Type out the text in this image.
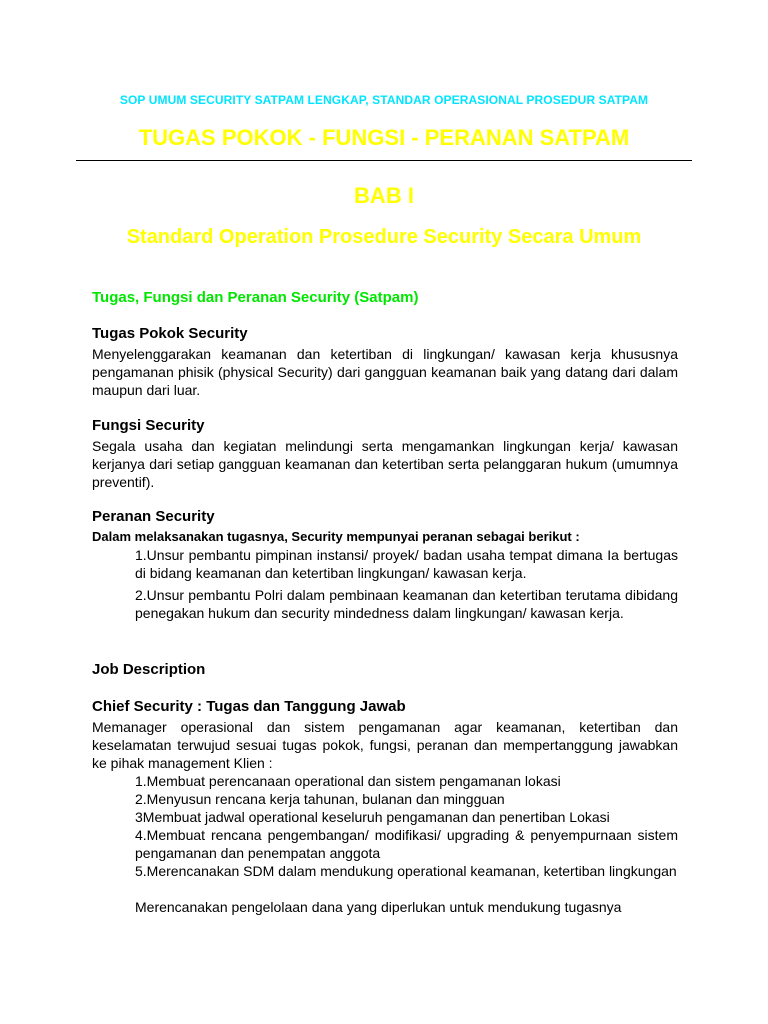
SOP UMUM SECURITY SATPAM LENGKAP, STANDAR OPERASIONAL PROSEDUR SATPAM
TUGAS POKOK - FUNGSI - PERANAN SATPAM
BAB I
Standard Operation Prosedure Security Secara Umum
Tugas, Fungsi dan Peranan Security (Satpam)
Tugas Pokok Security
Menyelenggarakan keamanan dan ketertiban di lingkungan/ kawasan kerja khususnya pengamanan phisik (physical Security) dari gangguan keamanan baik yang datang dari dalam maupun dari luar.
Fungsi Security
Segala usaha dan kegiatan melindungi serta mengamankan lingkungan kerja/ kawasan kerjanya dari setiap gangguan keamanan dan ketertiban serta pelanggaran hukum (umumnya preventif).
Peranan Security
Dalam melaksanakan tugasnya, Security mempunyai peranan sebagai berikut :
1.Unsur pembantu pimpinan instansi/ proyek/ badan usaha tempat dimana Ia bertugas di bidang keamanan dan ketertiban lingkungan/ kawasan kerja.
2.Unsur pembantu Polri dalam pembinaan keamanan dan ketertiban terutama dibidang penegakan hukum dan security mindedness dalam lingkungan/ kawasan kerja.
Job Description
Chief Security : Tugas dan Tanggung Jawab
Memanager operasional dan sistem pengamanan agar keamanan, ketertiban dan keselamatan terwujud sesuai tugas pokok, fungsi, peranan dan mempertanggung jawabkan ke pihak management Klien :
1.Membuat perencanaan operational dan sistem pengamanan lokasi
2.Menyusun rencana kerja tahunan, bulanan dan mingguan
3Membuat jadwal operational keseluruh pengamanan dan penertiban Lokasi
4.Membuat rencana pengembangan/ modifikasi/ upgrading & penyempurnaan sistem pengamanan dan penempatan anggota
5.Merencanakan SDM dalam mendukung operational keamanan, ketertiban lingkungan
Merencanakan pengelolaan dana yang diperlukan untuk mendukung tugasnya
